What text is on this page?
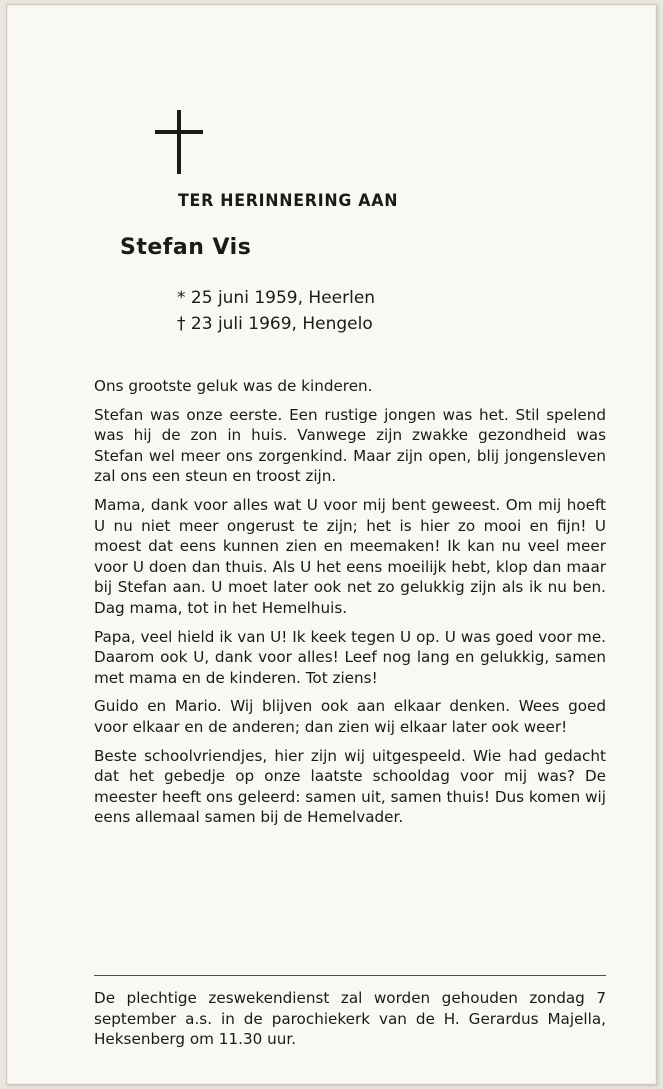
TER HERINNERING AAN
Stefan Vis
* 25 juni 1959, Heerlen
† 23 juli 1969, Hengelo

Ons grootste geluk was de kinderen.

Stefan was onze eerste. Een rustige jongen was het. Stil spelend was hij de zon in huis. Vanwege zijn zwakke gezondheid was Stefan wel meer ons zorgenkind. Maar zijn open, blij jongensleven zal ons een steun en troost zijn.

Mama, dank voor alles wat U voor mij bent geweest. Om mij hoeft U nu niet meer ongerust te zijn; het is hier zo mooi en fijn! U moest dat eens kunnen zien en meemaken! Ik kan nu veel meer voor U doen dan thuis. Als U het eens moeilijk hebt, klop dan maar bij Stefan aan. U moet later ook net zo gelukkig zijn als ik nu ben. Dag mama, tot in het Hemelhuis.

Papa, veel hield ik van U! Ik keek tegen U op. U was goed voor me. Daarom ook U, dank voor alles! Leef nog lang en gelukkig, samen met mama en de kinderen. Tot ziens!

Guido en Mario. Wij blijven ook aan elkaar denken. Wees goed voor elkaar en de anderen; dan zien wij elkaar later ook weer!

Beste schoolvriendjes, hier zijn wij uitgespeeld. Wie had gedacht dat het gebedje op onze laatste schooldag voor mij was? De meester heeft ons geleerd: samen uit, samen thuis! Dus komen wij eens allemaal samen bij de Hemelvader.

De plechtige zeswekendienst zal worden gehouden zondag 7 september a.s. in de parochiekerk van de H. Gerardus Majella, Heksenberg om 11.30 uur.
